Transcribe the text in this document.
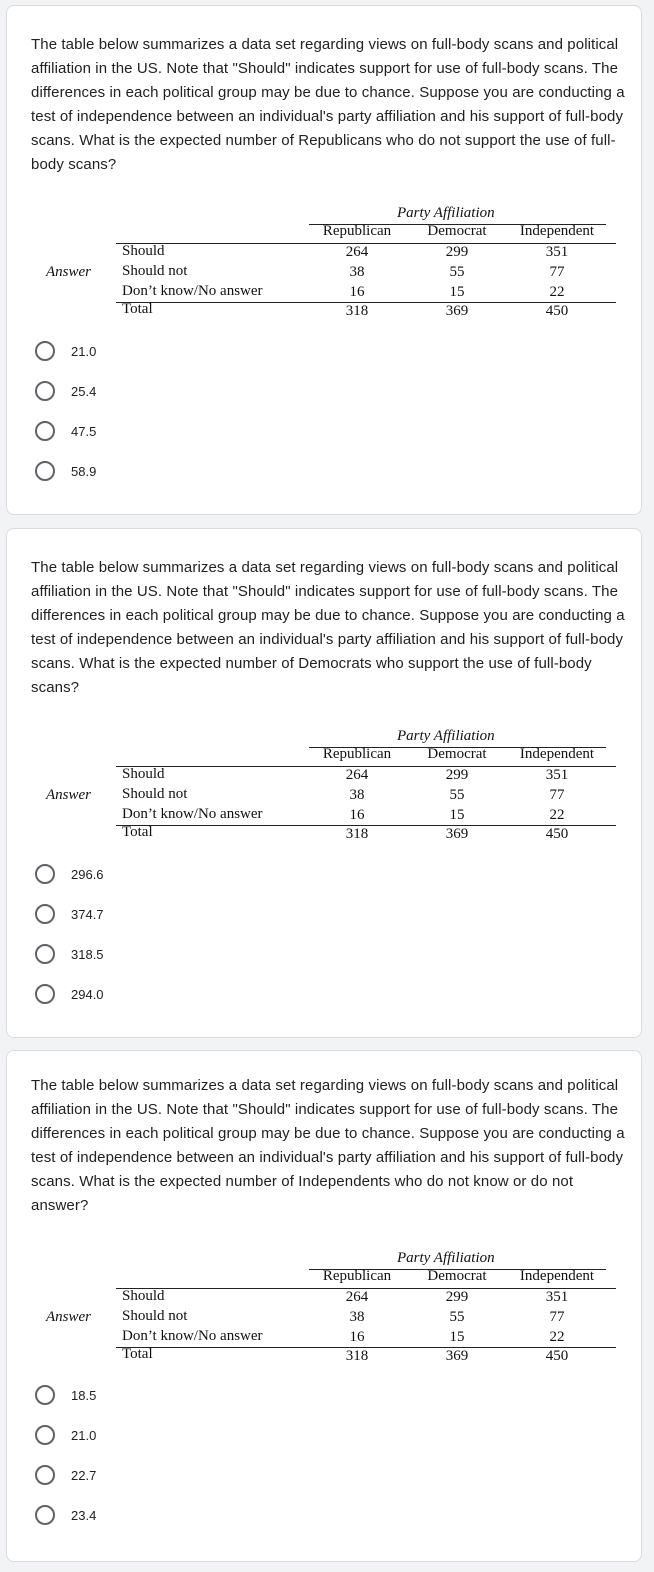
The table below summarizes a data set regarding views on full-body scans and political affiliation in the US. Note that "Should" indicates support for use of full-body scans. The differences in each political group may be due to chance. Suppose you are conducting a test of independence between an individual's party affiliation and his support of full-body scans. What is the expected number of Republicans who do not support the use of full-body scans?

Party Affiliation
Republican	Democrat	Independent
Answer
Should	264	299	351
Should not	38	55	77
Don’t know/No answer	16	15	22
Total	318	369	450
21.0
25.4
47.5
58.9

The table below summarizes a data set regarding views on full-body scans and political affiliation in the US. Note that "Should" indicates support for use of full-body scans. The differences in each political group may be due to chance. Suppose you are conducting a test of independence between an individual's party affiliation and his support of full-body scans. What is the expected number of Democrats who support the use of full-body scans?

Party Affiliation
Republican	Democrat	Independent
Answer
Should	264	299	351
Should not	38	55	77
Don’t know/No answer	16	15	22
Total	318	369	450
296.6
374.7
318.5
294.0

The table below summarizes a data set regarding views on full-body scans and political affiliation in the US. Note that "Should" indicates support for use of full-body scans. The differences in each political group may be due to chance. Suppose you are conducting a test of independence between an individual's party affiliation and his support of full-body scans. What is the expected number of Independents who do not know or do not answer?

Party Affiliation
Republican	Democrat	Independent
Answer
Should	264	299	351
Should not	38	55	77
Don’t know/No answer	16	15	22
Total	318	369	450
18.5
21.0
22.7
23.4
